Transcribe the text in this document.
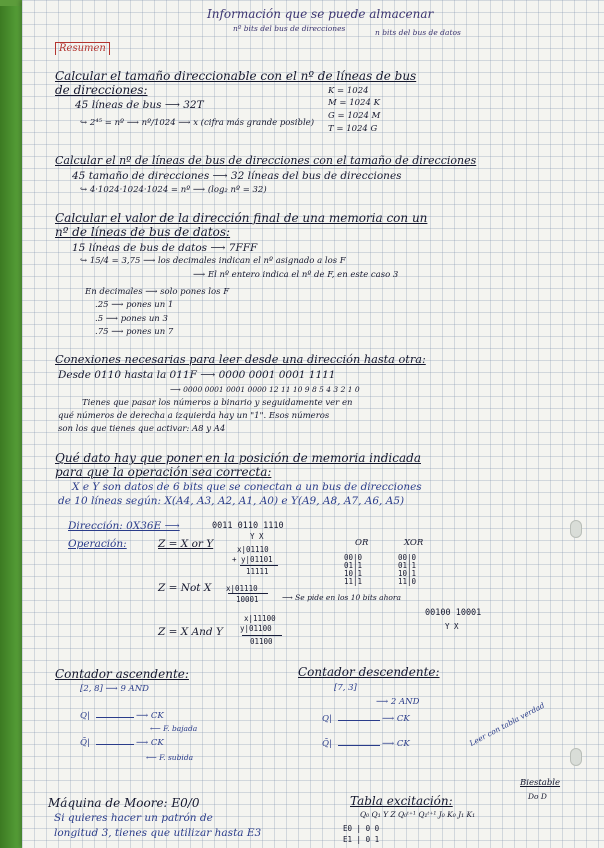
Información que se puede almacenar
nº bits del bus de direcciones	n bits del bus de datos
Resumen
Calcular el tamaño direccionable con el nº de líneas de bus
de direcciones:
45 líneas de bus ⟶ 32T
↪ 2⁴⁵ = nº ⟶ nº/1024 ⟶ x (cifra más grande posible)
K = 1024
M = 1024 K
G = 1024 M
T = 1024 G
Calcular el nº de líneas de bus de direcciones con el tamaño de direcciones
45 tamaño de direcciones ⟶ 32 líneas del bus de direcciones
↪ 4·1024·1024·1024 = nº ⟶ (log₂ nº = 32)
Calcular el valor de la dirección final de una memoria con un
nº de líneas de bus de datos:
15 líneas de bus de datos ⟶ 7FFF
↪ 15/4 = 3,75 ⟶ los decimales indican el nº asignado a los F
⟶ El nº entero indica el nº de F, en este caso 3
En decimales ⟶ solo pones los F
.25 ⟶ pones un 1
.5 ⟶ pones un 3
.75 ⟶ pones un 7
Conexiones necesarias para leer desde una dirección hasta otra:
Desde 0110 hasta la 011F ⟶ 0000 0001 0001 1111
⟶ 0000 0001 0001 0000 12 11 10 9 8 5 4 3 2 1 0
Tienes que pasar los números a binario y seguidamente ver en
qué números de derecha a izquierda hay un "1". Esos números
son los que tienes que activar: A8 y A4
Qué dato hay que poner en la posición de memoria indicada
para que la operación sea correcta:
X e Y son datos de 6 bits que se conectan a un bus de direcciones
de 10 líneas según: X(A4, A3, A2, A1, A0) e Y(A9, A8, A7, A6, A5)
Dirección: 0X36E ⟶	0011 0110 1110
Y X
Operación:	Z = X or Y	x|01110
+ y|01101
11111
OR	XOR
00|0
01|1
10|1
11|1
00|0
01|1
10|1
11|0
Z = Not X x|01110
10001	⟶ Se pide en los 10 bits ahora
00100 10001
Y X
Z = X And Y
x|11100
y|01100
01100
Contador ascendente:
[2, 8] ⟶ 9 AND
Q|	⟶ CK
⟵ F. bajada
Q̄|	⟶ CK
⟵ F. subida
Contador descendente:
[7, 3]
⟶ 2 AND
Q|	⟶ CK
Q̄|	⟶ CK	Leer con tabla verdad
Biestable
Do D
Máquina de Moore: E0/0
Si quieres hacer un patrón de
longitud 3, tienes que utilizar hasta E3
Tabla excitación:
Q₀ Q₁ Y Z Q₀ᵗ⁺¹ Q₁ᵗ⁺¹ J₀ K₀ J₁ K₁
E0 | 0 0
E1 | 0 1
